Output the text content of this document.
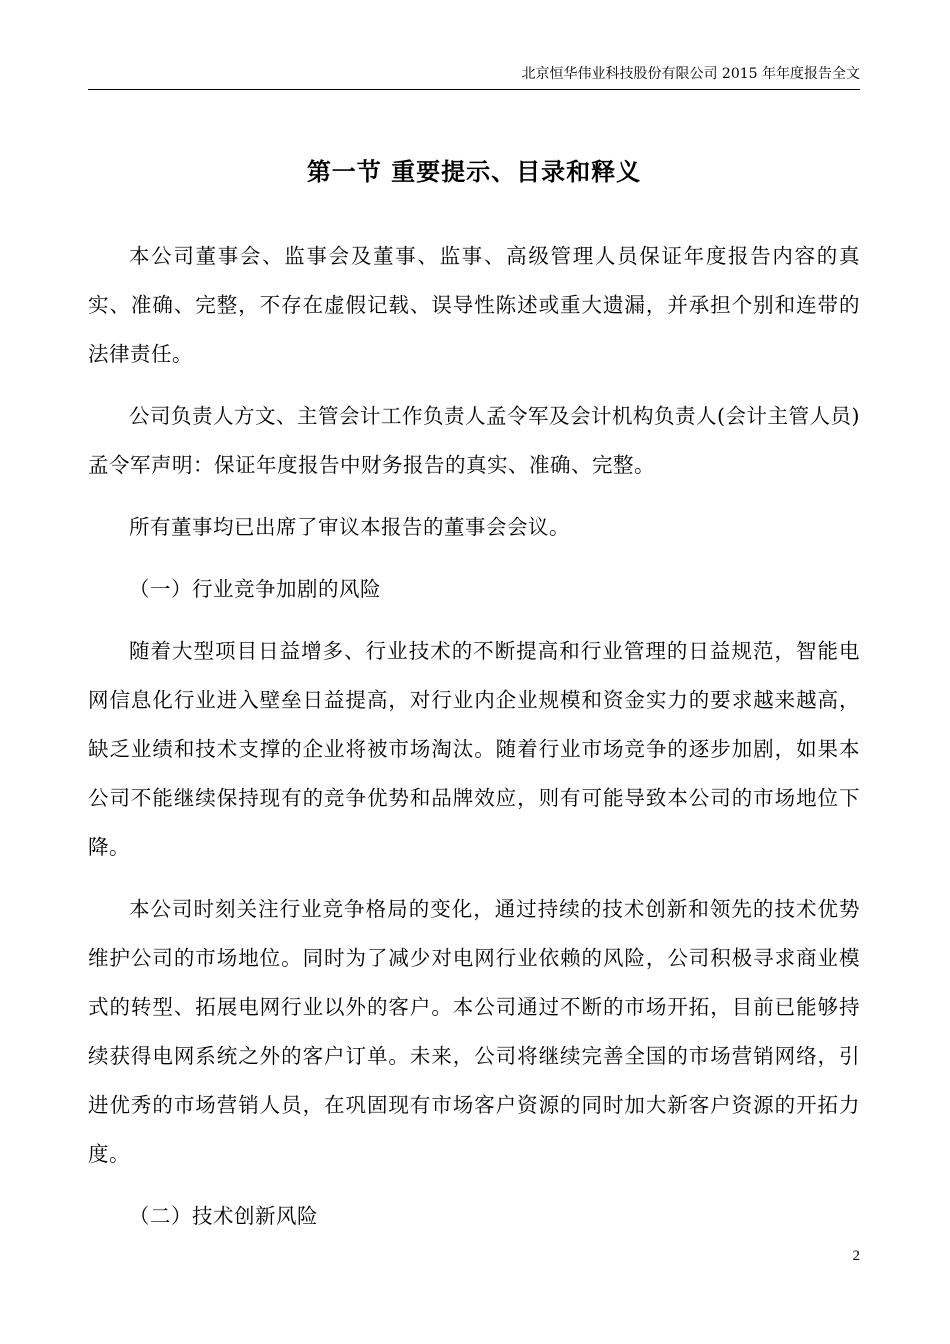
北京恒华伟业科技股份有限公司 2015 年年度报告全文
第一节 重要提示、目录和释义

本公司董事会、监事会及董事、监事、高级管理人员保证年度报告内容的真实、准确、完整，不存在虚假记载、误导性陈述或重大遗漏，并承担个别和连带的法律责任。

公司负责人方文、主管会计工作负责人孟令军及会计机构负责人(会计主管人员)孟令军声明：保证年度报告中财务报告的真实、准确、完整。

所有董事均已出席了审议本报告的董事会会议。

（一）行业竞争加剧的风险

随着大型项目日益增多、行业技术的不断提高和行业管理的日益规范，智能电网信息化行业进入壁垒日益提高，对行业内企业规模和资金实力的要求越来越高，缺乏业绩和技术支撑的企业将被市场淘汰。随着行业市场竞争的逐步加剧，如果本公司不能继续保持现有的竞争优势和品牌效应，则有可能导致本公司的市场地位下降。

本公司时刻关注行业竞争格局的变化，通过持续的技术创新和领先的技术优势维护公司的市场地位。同时为了减少对电网行业依赖的风险，公司积极寻求商业模式的转型、拓展电网行业以外的客户。本公司通过不断的市场开拓，目前已能够持续获得电网系统之外的客户订单。未来，公司将继续完善全国的市场营销网络，引进优秀的市场营销人员，在巩固现有市场客户资源的同时加大新客户资源的开拓力度。

（二）技术创新风险

2
